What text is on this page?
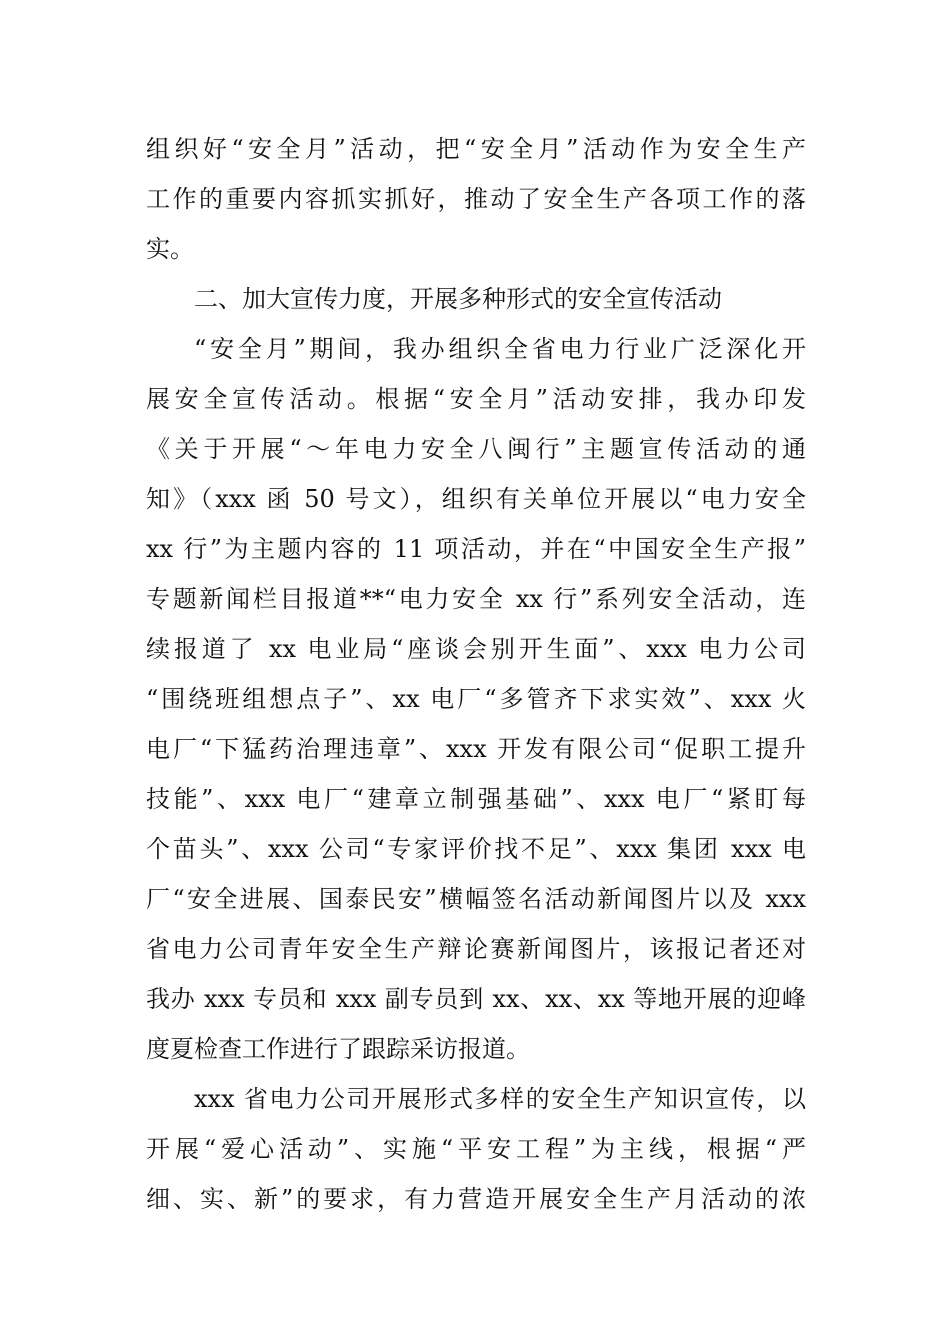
组织好“安全月”活动，把“安全月”活动作为安全生产
工作的重要内容抓实抓好，推动了安全生产各项工作的落
实。
二、加大宣传力度，开展多种形式的安全宣传活动
“安全月”期间，我办组织全省电力行业广泛深化开
展安全宣传活动。根据“安全月”活动安排，我办印发
《关于开展“～年电力安全八闽行”主题宣传活动的通
知》（xxx 函 50 号文），组织有关单位开展以“电力安全
xx 行”为主题内容的 11 项活动，并在“中国安全生产报”
专题新闻栏目报道**“电力安全 xx 行”系列安全活动，连
续报道了 xx 电业局“座谈会别开生面”、xxx 电力公司
“围绕班组想点子”、xx 电厂“多管齐下求实效”、xxx 火
电厂“下猛药治理违章”、xxx 开发有限公司“促职工提升
技能”、xxx 电厂“建章立制强基础”、xxx 电厂“紧盯每
个苗头”、xxx 公司“专家评价找不足”、xxx 集团 xxx 电
厂“安全进展、国泰民安”横幅签名活动新闻图片以及 xxx
省电力公司青年安全生产辩论赛新闻图片，该报记者还对
我办 xxx 专员和 xxx 副专员到 xx、xx、xx 等地开展的迎峰
度夏检查工作进行了跟踪采访报道。
xxx 省电力公司开展形式多样的安全生产知识宣传，以
开展“爱心活动”、实施“平安工程”为主线，根据“严
细、实、新”的要求，有力营造开展安全生产月活动的浓
